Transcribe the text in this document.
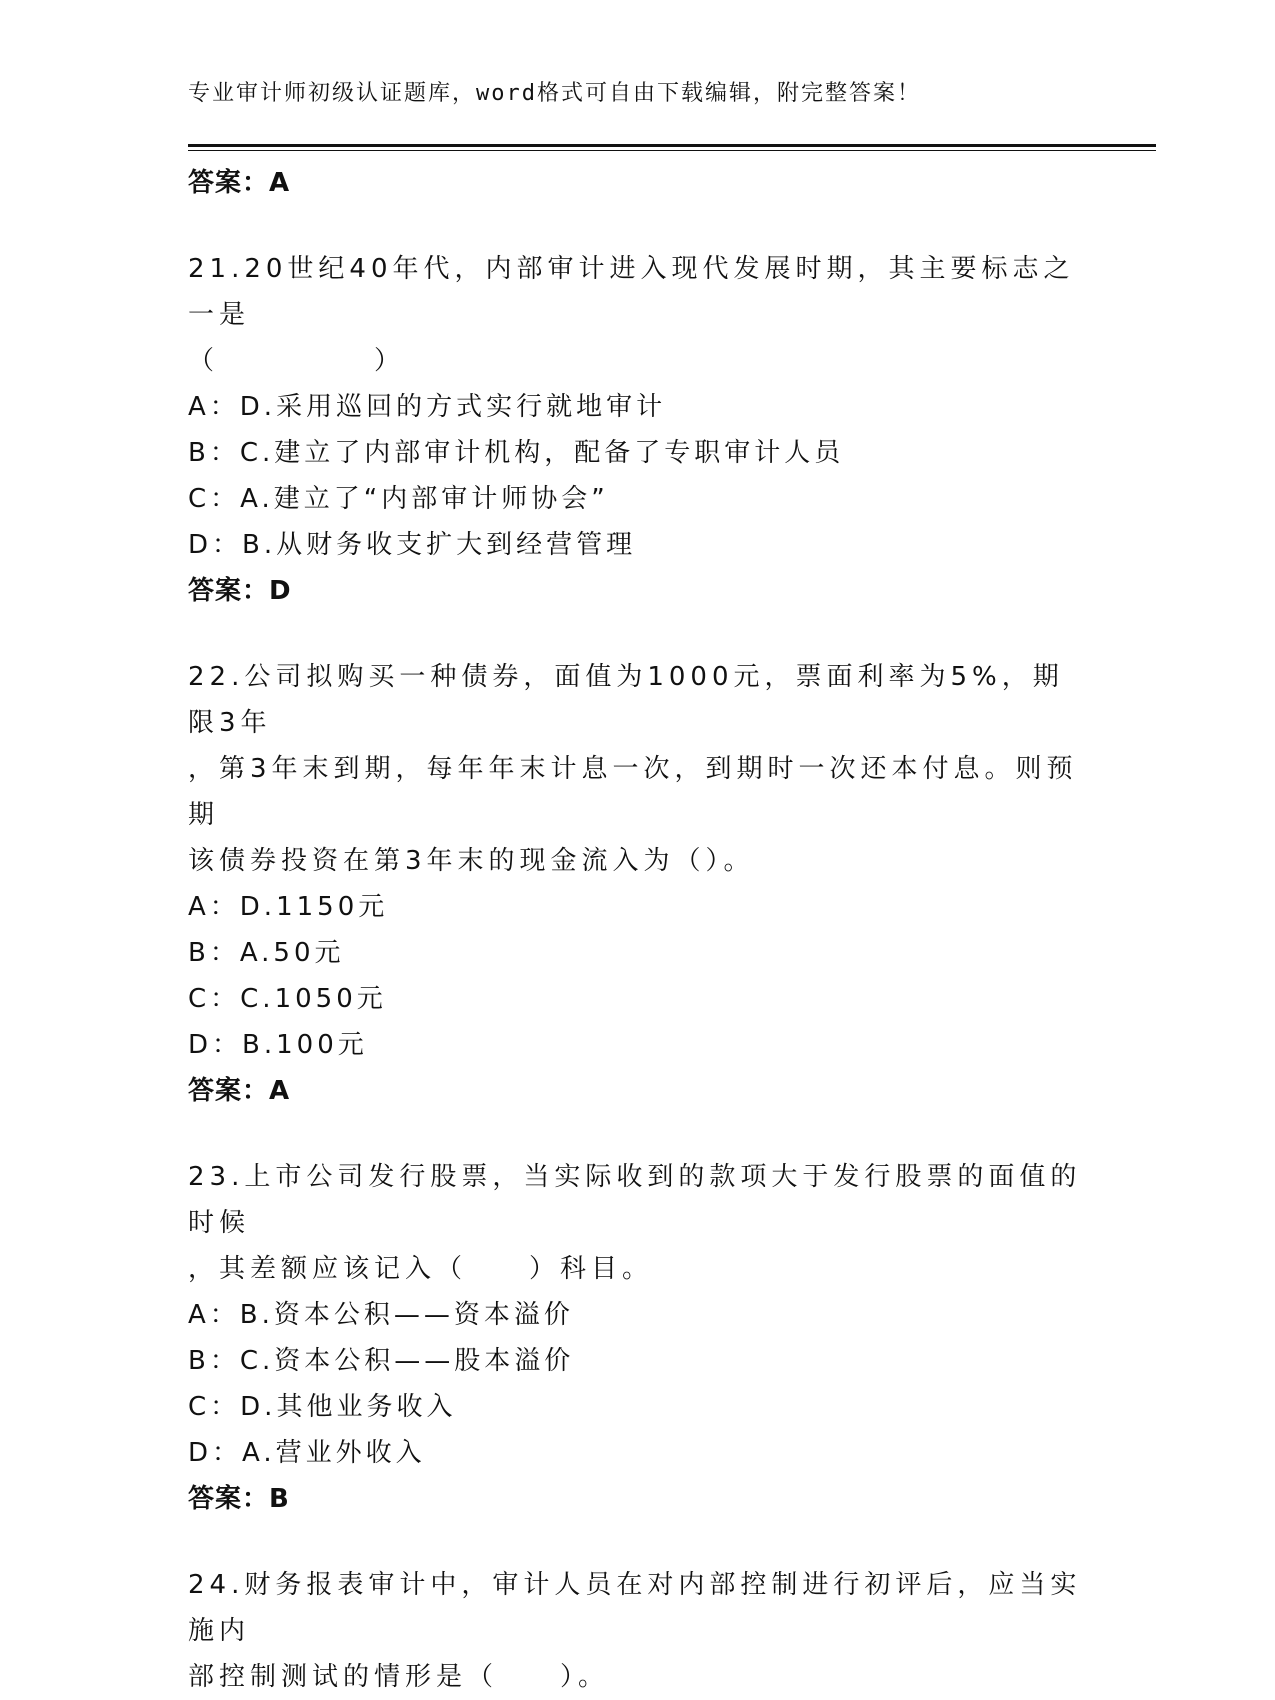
专业审计师初级认证题库，word格式可自由下载编辑，附完整答案！
答案：A
21.20世纪40年代，内部审计进入现代发展时期，其主要标志之一是
（　　　　　）
A：D.采用巡回的方式实行就地审计
B：C.建立了内部审计机构，配备了专职审计人员
C：A.建立了“内部审计师协会”
D：B.从财务收支扩大到经营管理
答案：D
22.公司拟购买一种债券，面值为1000元，票面利率为5%，期限3年
，第3年末到期，每年年末计息一次，到期时一次还本付息。则预期
该债券投资在第3年末的现金流入为（）。
A：D.1150元
B：A.50元
C：C.1050元
D：B.100元
答案：A
23.上市公司发行股票，当实际收到的款项大于发行股票的面值的时候
，其差额应该记入（　　）科目。
A：B.资本公积——资本溢价
B：C.资本公积——股本溢价
C：D.其他业务收入
D：A.营业外收入
答案：B
24.财务报表审计中，审计人员在对内部控制进行初评后，应当实施内
部控制测试的情形是（　　）。
